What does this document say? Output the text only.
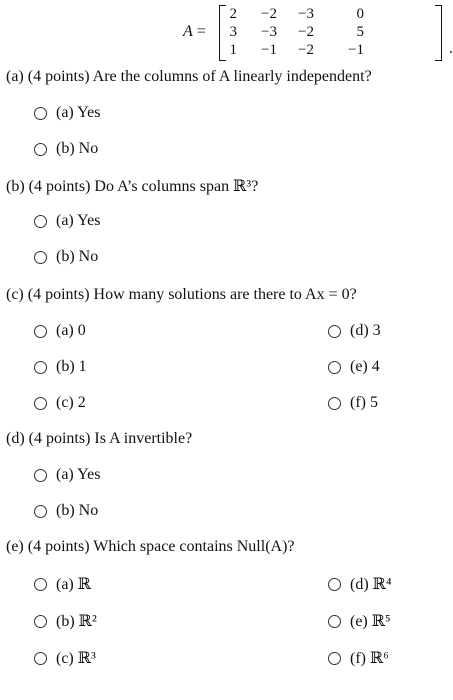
A =
2	−2	−3	0
3	−3	−2	5
1	−1	−2	−1	.
(a) (4 points) Are the columns of A linearly independent?
(a) Yes
(b) No
(b) (4 points) Do A’s columns span ℝ³?
(a) Yes
(b) No
(c) (4 points) How many solutions are there to Ax = 0?
(a) 0
(b) 1
(c) 2
(d) 3
(e) 4
(f) 5
(d) (4 points) Is A invertible?
(a) Yes
(b) No
(e) (4 points) Which space contains Null(A)?
(a) ℝ
(b) ℝ²
(c) ℝ³
(d) ℝ⁴
(e) ℝ⁵
(f) ℝ⁶
